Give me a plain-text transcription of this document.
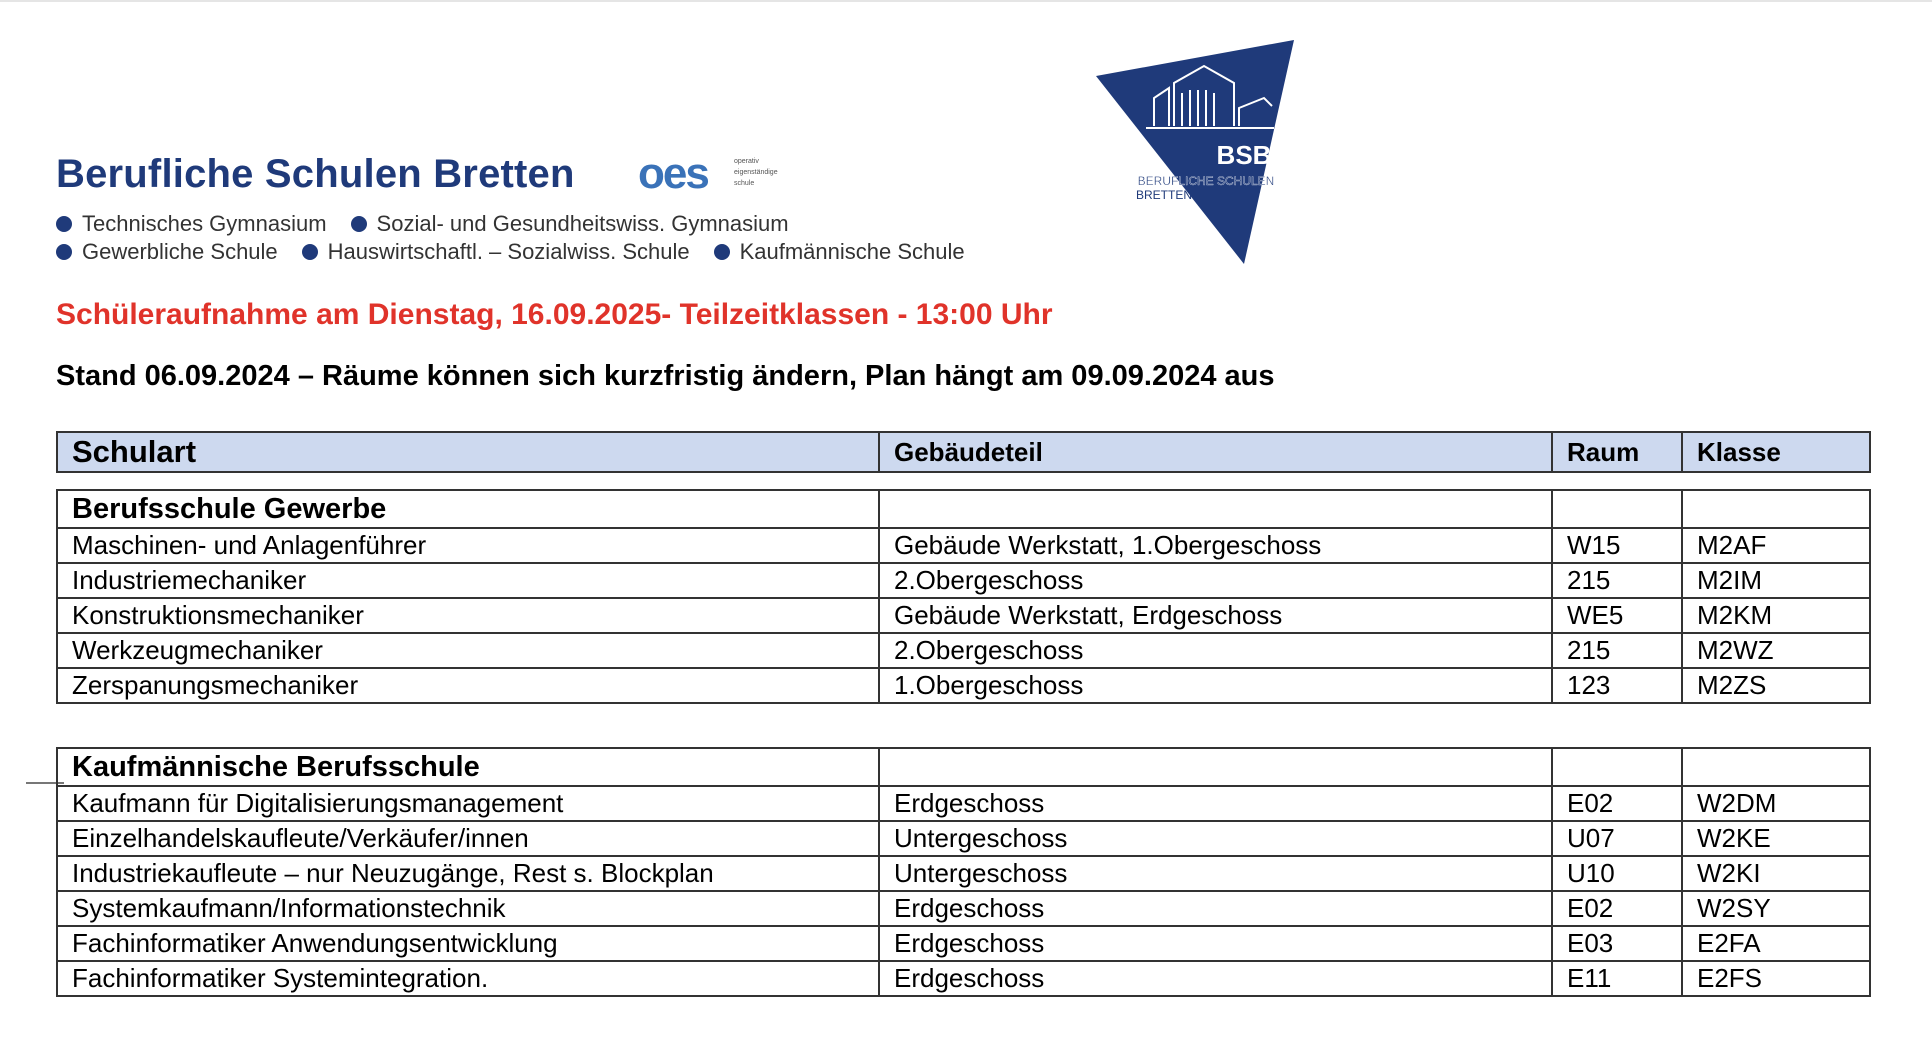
Berufliche Schulen Bretten oes	operativ
eigenständige
schule
Technisches Gymnasium Sozial- und Gesundheitswiss. Gymnasium
Gewerbliche Schule Hauswirtschaftl. – Sozialwiss. Schule Kaufmännische Schule
BSB
BERUFLICHE SCHULEN
BRETTEN
Schüleraufnahme am Dienstag, 16.09.2025- Teilzeitklassen - 13:00 Uhr
Stand 06.09.2024 – Räume können sich kurzfristig ändern, Plan hängt am 09.09.2024 aus
Schulart	Gebäudeteil	Raum	Klasse
Berufsschule Gewerbe			
Maschinen- und Anlagenführer	Gebäude Werkstatt, 1.Obergeschoss	W15	M2AF
Industriemechaniker	2.Obergeschoss	215	M2IM
Konstruktionsmechaniker	Gebäude Werkstatt, Erdgeschoss	WE5	M2KM
Werkzeugmechaniker	2.Obergeschoss	215	M2WZ
Zerspanungsmechaniker	1.Obergeschoss	123	M2ZS
Kaufmännische Berufsschule			
Kaufmann für Digitalisierungsmanagement	Erdgeschoss	E02	W2DM
Einzelhandelskaufleute/Verkäufer/innen	Untergeschoss	U07	W2KE
Industriekaufleute – nur Neuzugänge, Rest s. Blockplan	Untergeschoss	U10	W2KI
Systemkaufmann/Informationstechnik	Erdgeschoss	E02	W2SY
Fachinformatiker Anwendungsentwicklung	Erdgeschoss	E03	E2FA
Fachinformatiker Systemintegration.	Erdgeschoss	E11	E2FS
